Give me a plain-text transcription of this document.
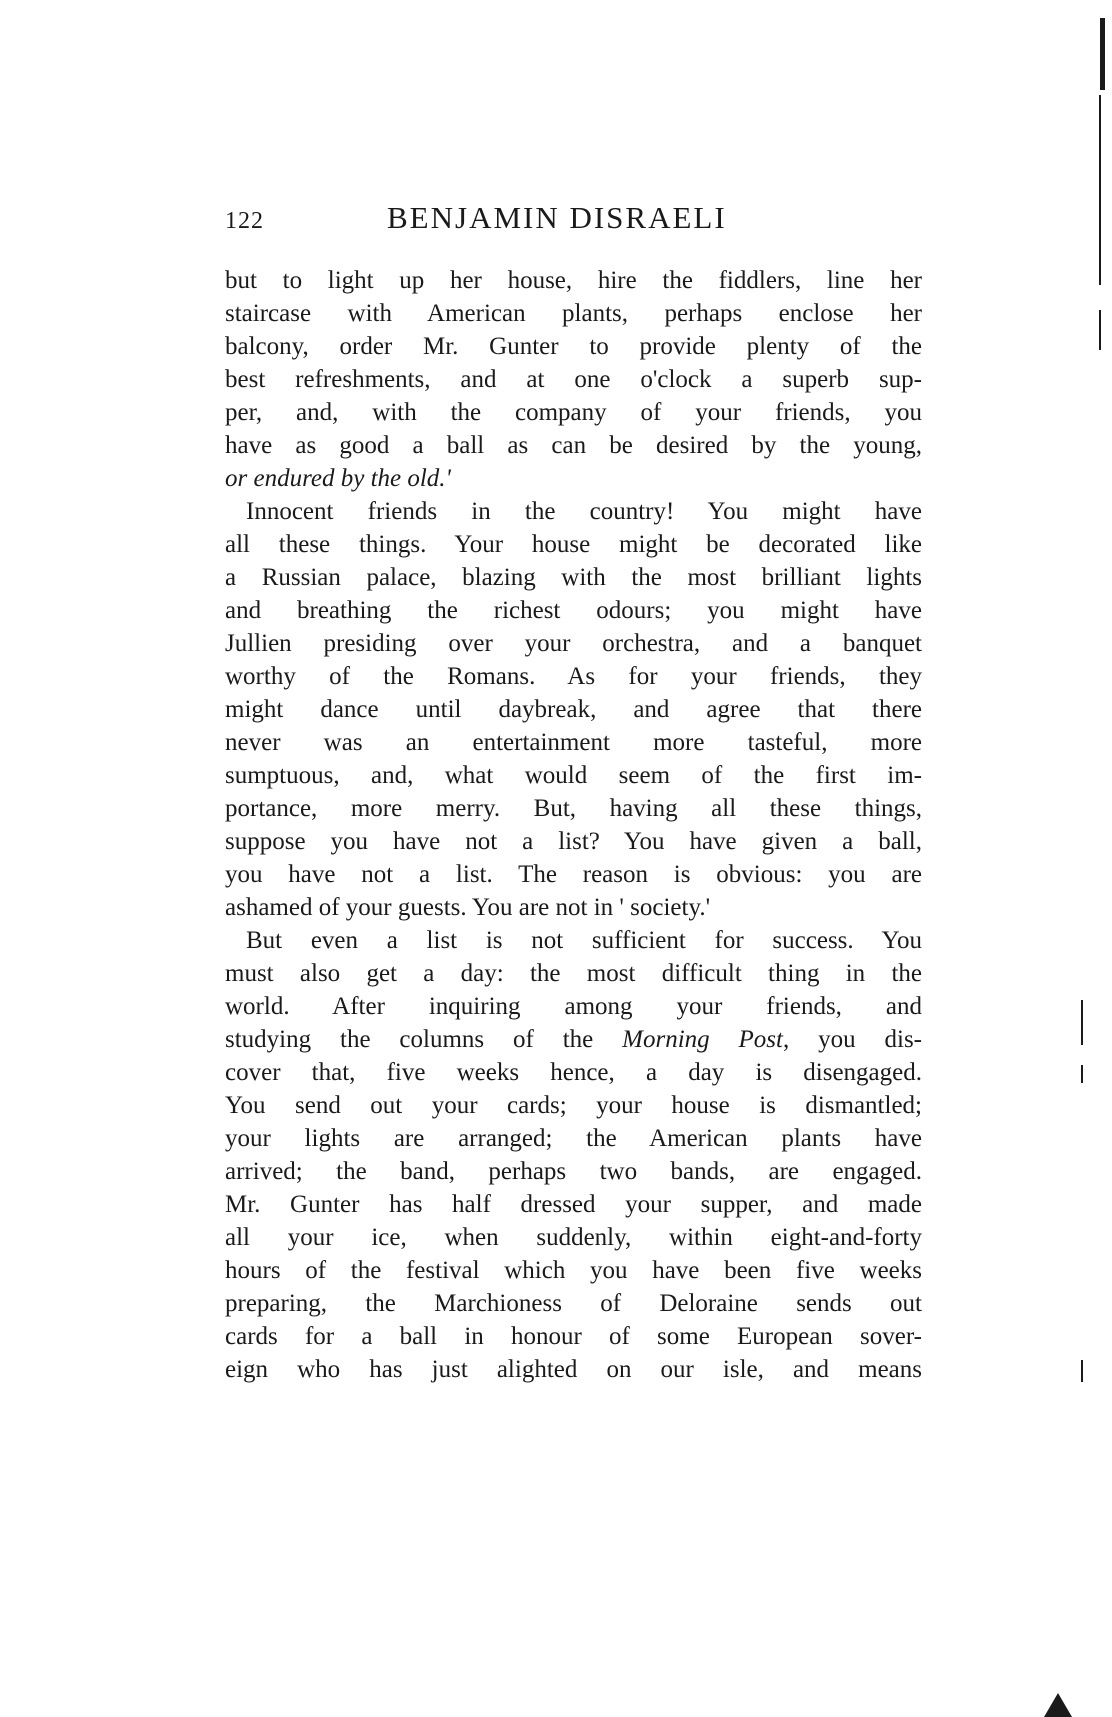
122	BENJAMIN DISRAELI
but to light up her house, hire the fiddlers, line her
staircase with American plants, perhaps enclose her
balcony, order Mr. Gunter to provide plenty of the
best refreshments, and at one o'clock a superb sup-
per, and, with the company of your friends, you
have as good a ball as can be desired by the young,
or endured by the old.'
Innocent friends in the country! You might have
all these things. Your house might be decorated like
a Russian palace, blazing with the most brilliant lights
and breathing the richest odours; you might have
Jullien presiding over your orchestra, and a banquet
worthy of the Romans. As for your friends, they
might dance until daybreak, and agree that there
never was an entertainment more tasteful, more
sumptuous, and, what would seem of the first im-
portance, more merry. But, having all these things,
suppose you have not a list? You have given a ball,
you have not a list. The reason is obvious: you are
ashamed of your guests. You are not in ' society.'
But even a list is not sufficient for success. You
must also get a day: the most difficult thing in the
world. After inquiring among your friends, and
studying the columns of the Morning Post, you dis-
cover that, five weeks hence, a day is disengaged.
You send out your cards; your house is dismantled;
your lights are arranged; the American plants have
arrived; the band, perhaps two bands, are engaged.
Mr. Gunter has half dressed your supper, and made
all your ice, when suddenly, within eight-and-forty
hours of the festival which you have been five weeks
preparing, the Marchioness of Deloraine sends out
cards for a ball in honour of some European sover-
eign who has just alighted on our isle, and means
